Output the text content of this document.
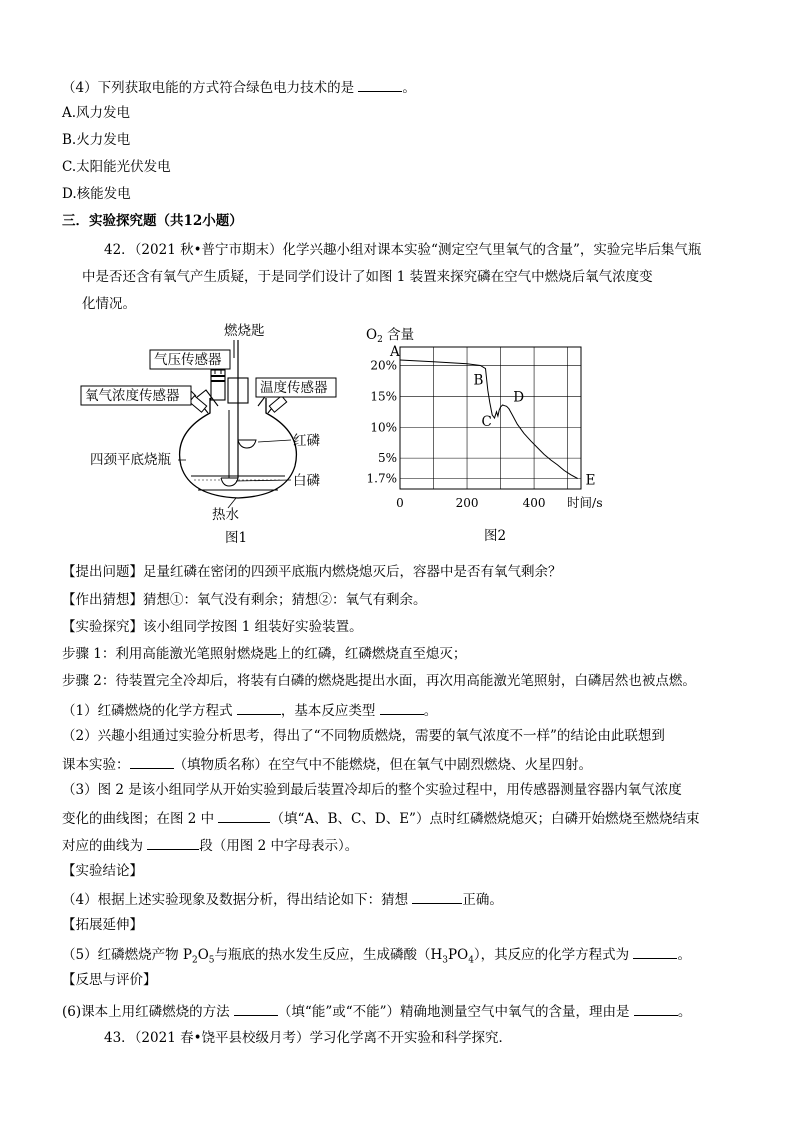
（4）下列获取电能的方式符合绿色电力技术的是	。
A.风力发电
B.火力发电
C.太阳能光伏发电
D.核能发电
三．实验探究题（共12小题）
42．（2021 秋•普宁市期末）化学兴趣小组对课本实验“测定空气里氧气的含量”，实验完毕后集气瓶
中是否还含有氧气产生质疑，于是同学们设计了如图 1 装置来探究磷在空气中燃烧后氧气浓度变
化情况。
燃烧匙
气压传感器
氧气浓度传感器	温度传感器
红磷
四颈平底烧瓶
白磷
热水
图1
20%
15%
10%
5%
1.7%
0	200	400 时间/s
A
B
C
D
E
$O_2$ 含量
图2
【提出问题】足量红磷在密闭的四颈平底瓶内燃烧熄灭后，容器中是否有氧气剩余？
【作出猜想】猜想①：氧气没有剩余；猜想②：氧气有剩余。
【实验探究】该小组同学按图 1 组装好实验装置。
步骤 1：利用高能激光笔照射燃烧匙上的红磷，红磷燃烧直至熄灭；
步骤 2：待装置完全冷却后，将装有白磷的燃烧匙提出水面，再次用高能激光笔照射，白磷居然也被点燃。
（1）红磷燃烧的化学方程式	，基本反应类型	。
（2）兴趣小组通过实验分析思考，得出了“不同物质燃烧，需要的氧气浓度不一样”的结论由此联想到
课本实验：	（填物质名称）在空气中不能燃烧，但在氧气中剧烈燃烧、火星四射。
（3）图 2 是该小组同学从开始实验到最后装置冷却后的整个实验过程中，用传感器测量容器内氧气浓度
变化的曲线图；在图 2 中	（填“A、B、C、D、E”）点时红磷燃烧熄灭；白磷开始燃烧至燃烧结束
对应的曲线为	段（用图 2 中字母表示）。
【实验结论】
（4）根据上述实验现象及数据分析，得出结论如下：猜想	正确。
【拓展延伸】
（5）红磷燃烧产物 $P_2O_5$与瓶底的热水发生反应，生成磷酸$(H_3PO_4)$，其反应的化学方程式为	。
【反思与评价】
(6)课本上用红磷燃烧的方法	（填“能”或“不能”）精确地测量空气中氧气的含量，理由是	。
43．（2021 春•饶平县校级月考）学习化学离不开实验和科学探究．
